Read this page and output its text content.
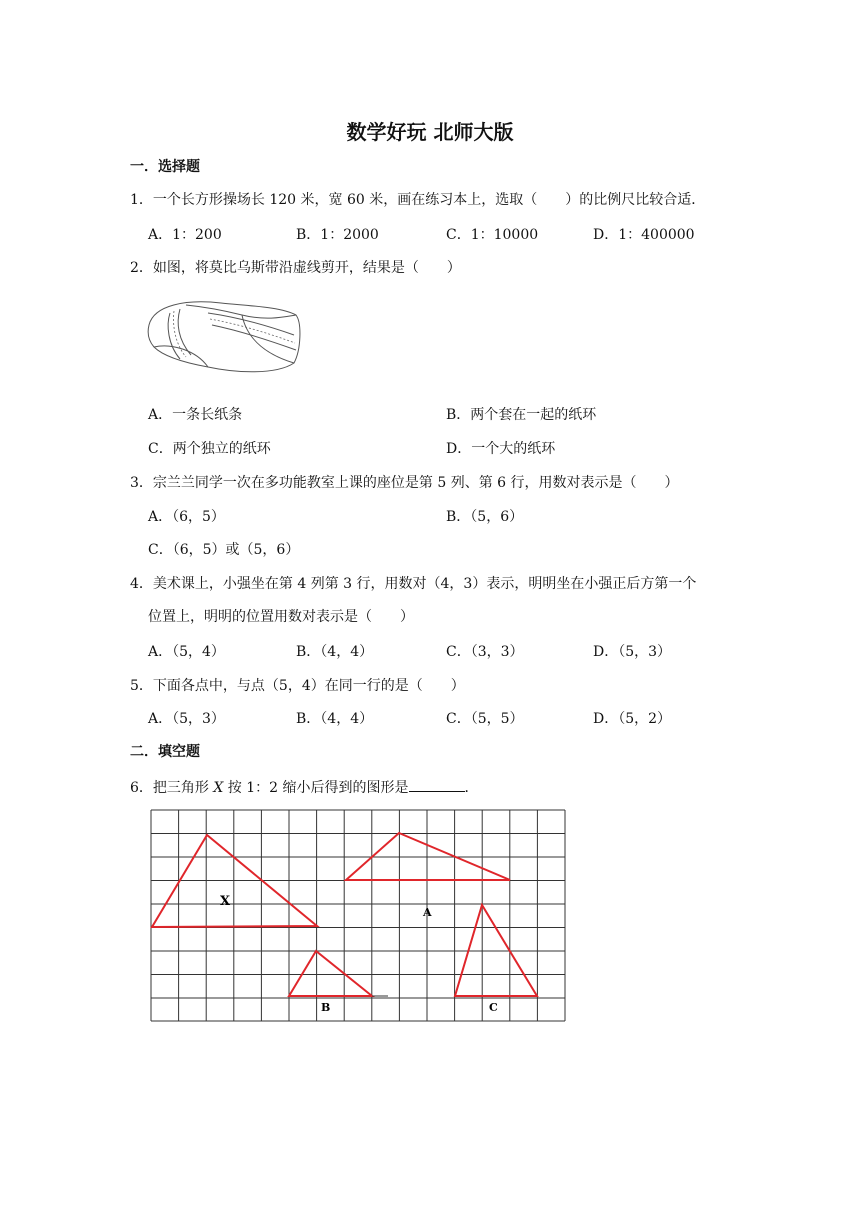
数学好玩 北师大版
一．选择题
1．一个长方形操场长 120 米，宽 60 米，画在练习本上，选取（　　）的比例尺比较合适．
A．1：200	B．1：2000	C．1：10000	D．1：400000
2．如图，将莫比乌斯带沿虚线剪开，结果是（　　）
A．一条长纸条	B．两个套在一起的纸环
C．两个独立的纸环	D．一个大的纸环
3．宗兰兰同学一次在多功能教室上课的座位是第 5 列、第 6 行，用数对表示是（　　）
A．（6，5）	B．（5，6）
C．（6，5）或（5，6）
4．美术课上，小强坐在第 4 列第 3 行，用数对（4，3）表示，明明坐在小强正后方第一个
位置上，明明的位置用数对表示是（　　）
A．（5，4）	B．（4，4）	C．（3，3）	D．（5，3）
5．下面各点中，与点（5，4）在同一行的是（　　）
A．（5，3）	B．（4，4）	C．（5，5）	D．（5，2）
二．填空题
6．把三角形 X 按 1：2 缩小后得到的图形是	．
X
A
B	C
